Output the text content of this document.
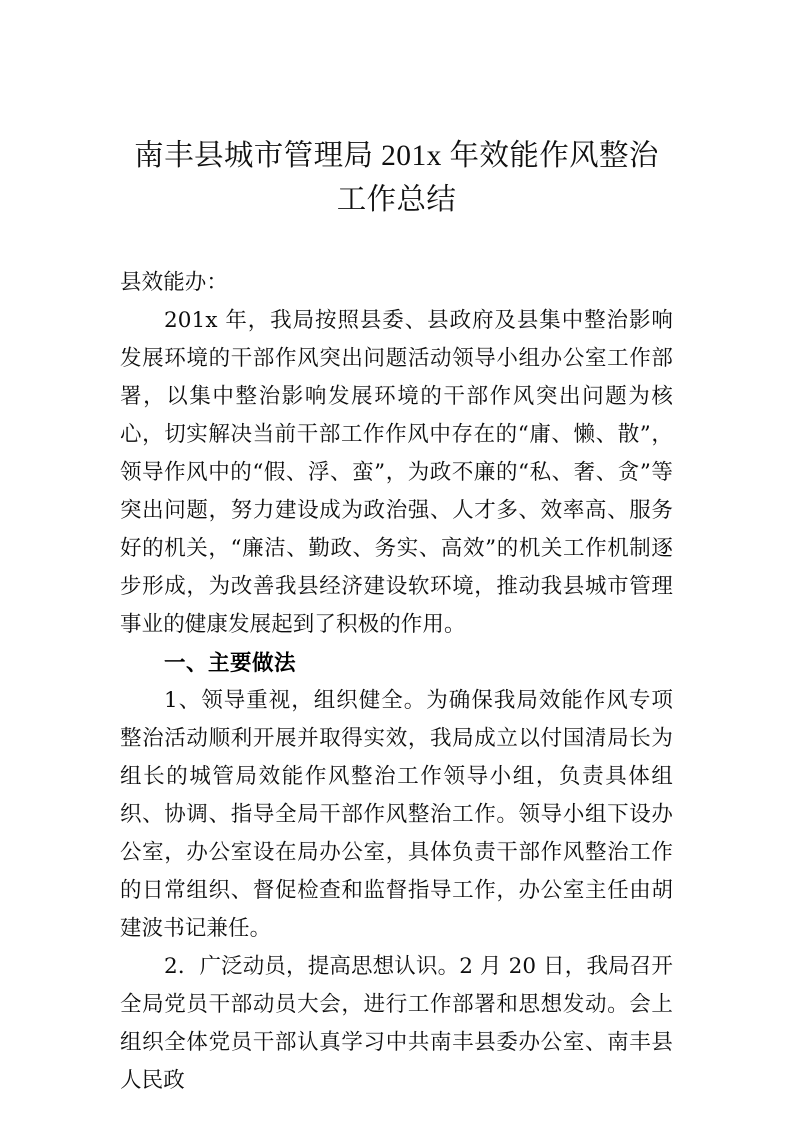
南丰县城市管理局 201x 年效能作风整治工作总结

县效能办：

201x 年，我局按照县委、县政府及县集中整治影响发展环境的干部作风突出问题活动领导小组办公室工作部署，以集中整治影响发展环境的干部作风突出问题为核心，切实解决当前干部工作作风中存在的“庸、懒、散”，领导作风中的“假、浮、蛮”，为政不廉的“私、奢、贪”等突出问题，努力建设成为政治强、人才多、效率高、服务好的机关，“廉洁、勤政、务实、高效”的机关工作机制逐步形成，为改善我县经济建设软环境，推动我县城市管理事业的健康发展起到了积极的作用。

一、主要做法

1、领导重视，组织健全。为确保我局效能作风专项整治活动顺利开展并取得实效，我局成立以付国清局长为组长的城管局效能作风整治工作领导小组，负责具体组织、协调、指导全局干部作风整治工作。领导小组下设办公室，办公室设在局办公室，具体负责干部作风整治工作的日常组织、督促检查和监督指导工作，办公室主任由胡建波书记兼任。

2．广泛动员，提高思想认识。2 月 20 日，我局召开全局党员干部动员大会，进行工作部署和思想发动。会上组织全体党员干部认真学习中共南丰县委办公室、南丰县人民政
